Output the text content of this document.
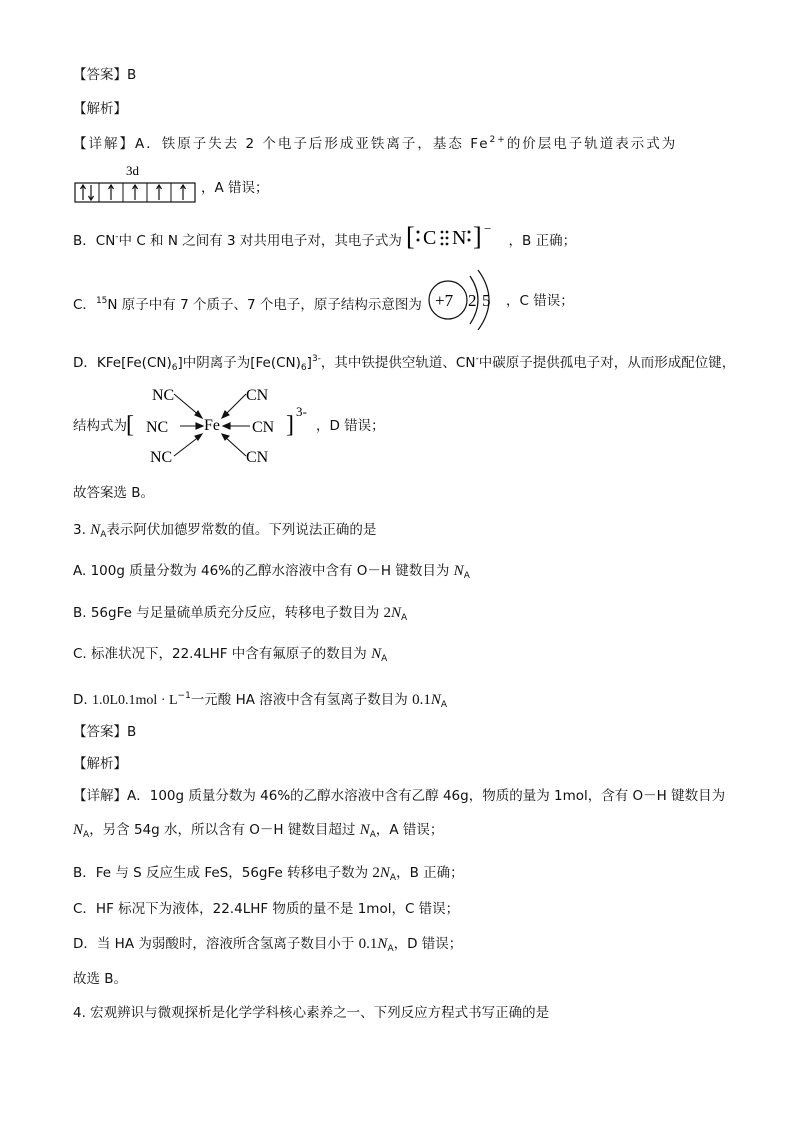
【答案】B
【解析】
【详解】A．铁原子失去 2 个电子后形成亚铁离子，基态 $Fe^{2+}$的价层电子轨道表示式为
3d
，A 错误；
B．CN-中 C 和 N 之间有 3 对共用电子对，其电子式为 [ C N ] −
，B 正确；
C．$^{15}$N 原子中有 7 个质子、7 个电子，原子结构示意图为 +7 2 5 ，C 错误；
D．$KFe[Fe(CN)_6]$中阴离子为$[Fe(CN)_6]^{3-}$，其中铁提供空轨道、CN-中碳原子提供孤电子对，从而形成配位键，
结构式为 [
NC
NC
NC
Fe
CN
CN
CN
]
3-
，D 错误；
故答案选 B。
3. $N_A$表示阿伏加德罗常数的值。下列说法正确的是
A. 100g 质量分数为 46%的乙醇水溶液中含有 O－H 键数目为 $N_A$
B. 56gFe 与足量硫单质充分反应，转移电子数目为 $2N_A$
C. 标准状况下，22.4LHF 中含有氟原子的数目为 $N_A$
D. $1.0L0.1mol \cdot L^{-1}$一元酸 HA 溶液中含有氢离子数目为 $0.1N_A$
【答案】B
【解析】
【详解】A．100g 质量分数为 46%的乙醇水溶液中含有乙醇 46g，物质的量为 1mol，含有 O－H 键数目为
$N_A$，另含 54g 水，所以含有 O－H 键数目超过 $N_A$，A 错误；
B．Fe 与 S 反应生成 FeS，56gFe 转移电子数为 $2N_A$，B 正确；
C．HF 标况下为液体，22.4LHF 物质的量不是 1mol，C 错误；
D．当 HA 为弱酸时，溶液所含氢离子数目小于 $0.1N_A$，D 错误；
故选 B。
4. 宏观辨识与微观探析是化学学科核心素养之一、下列反应方程式书写正确的是
